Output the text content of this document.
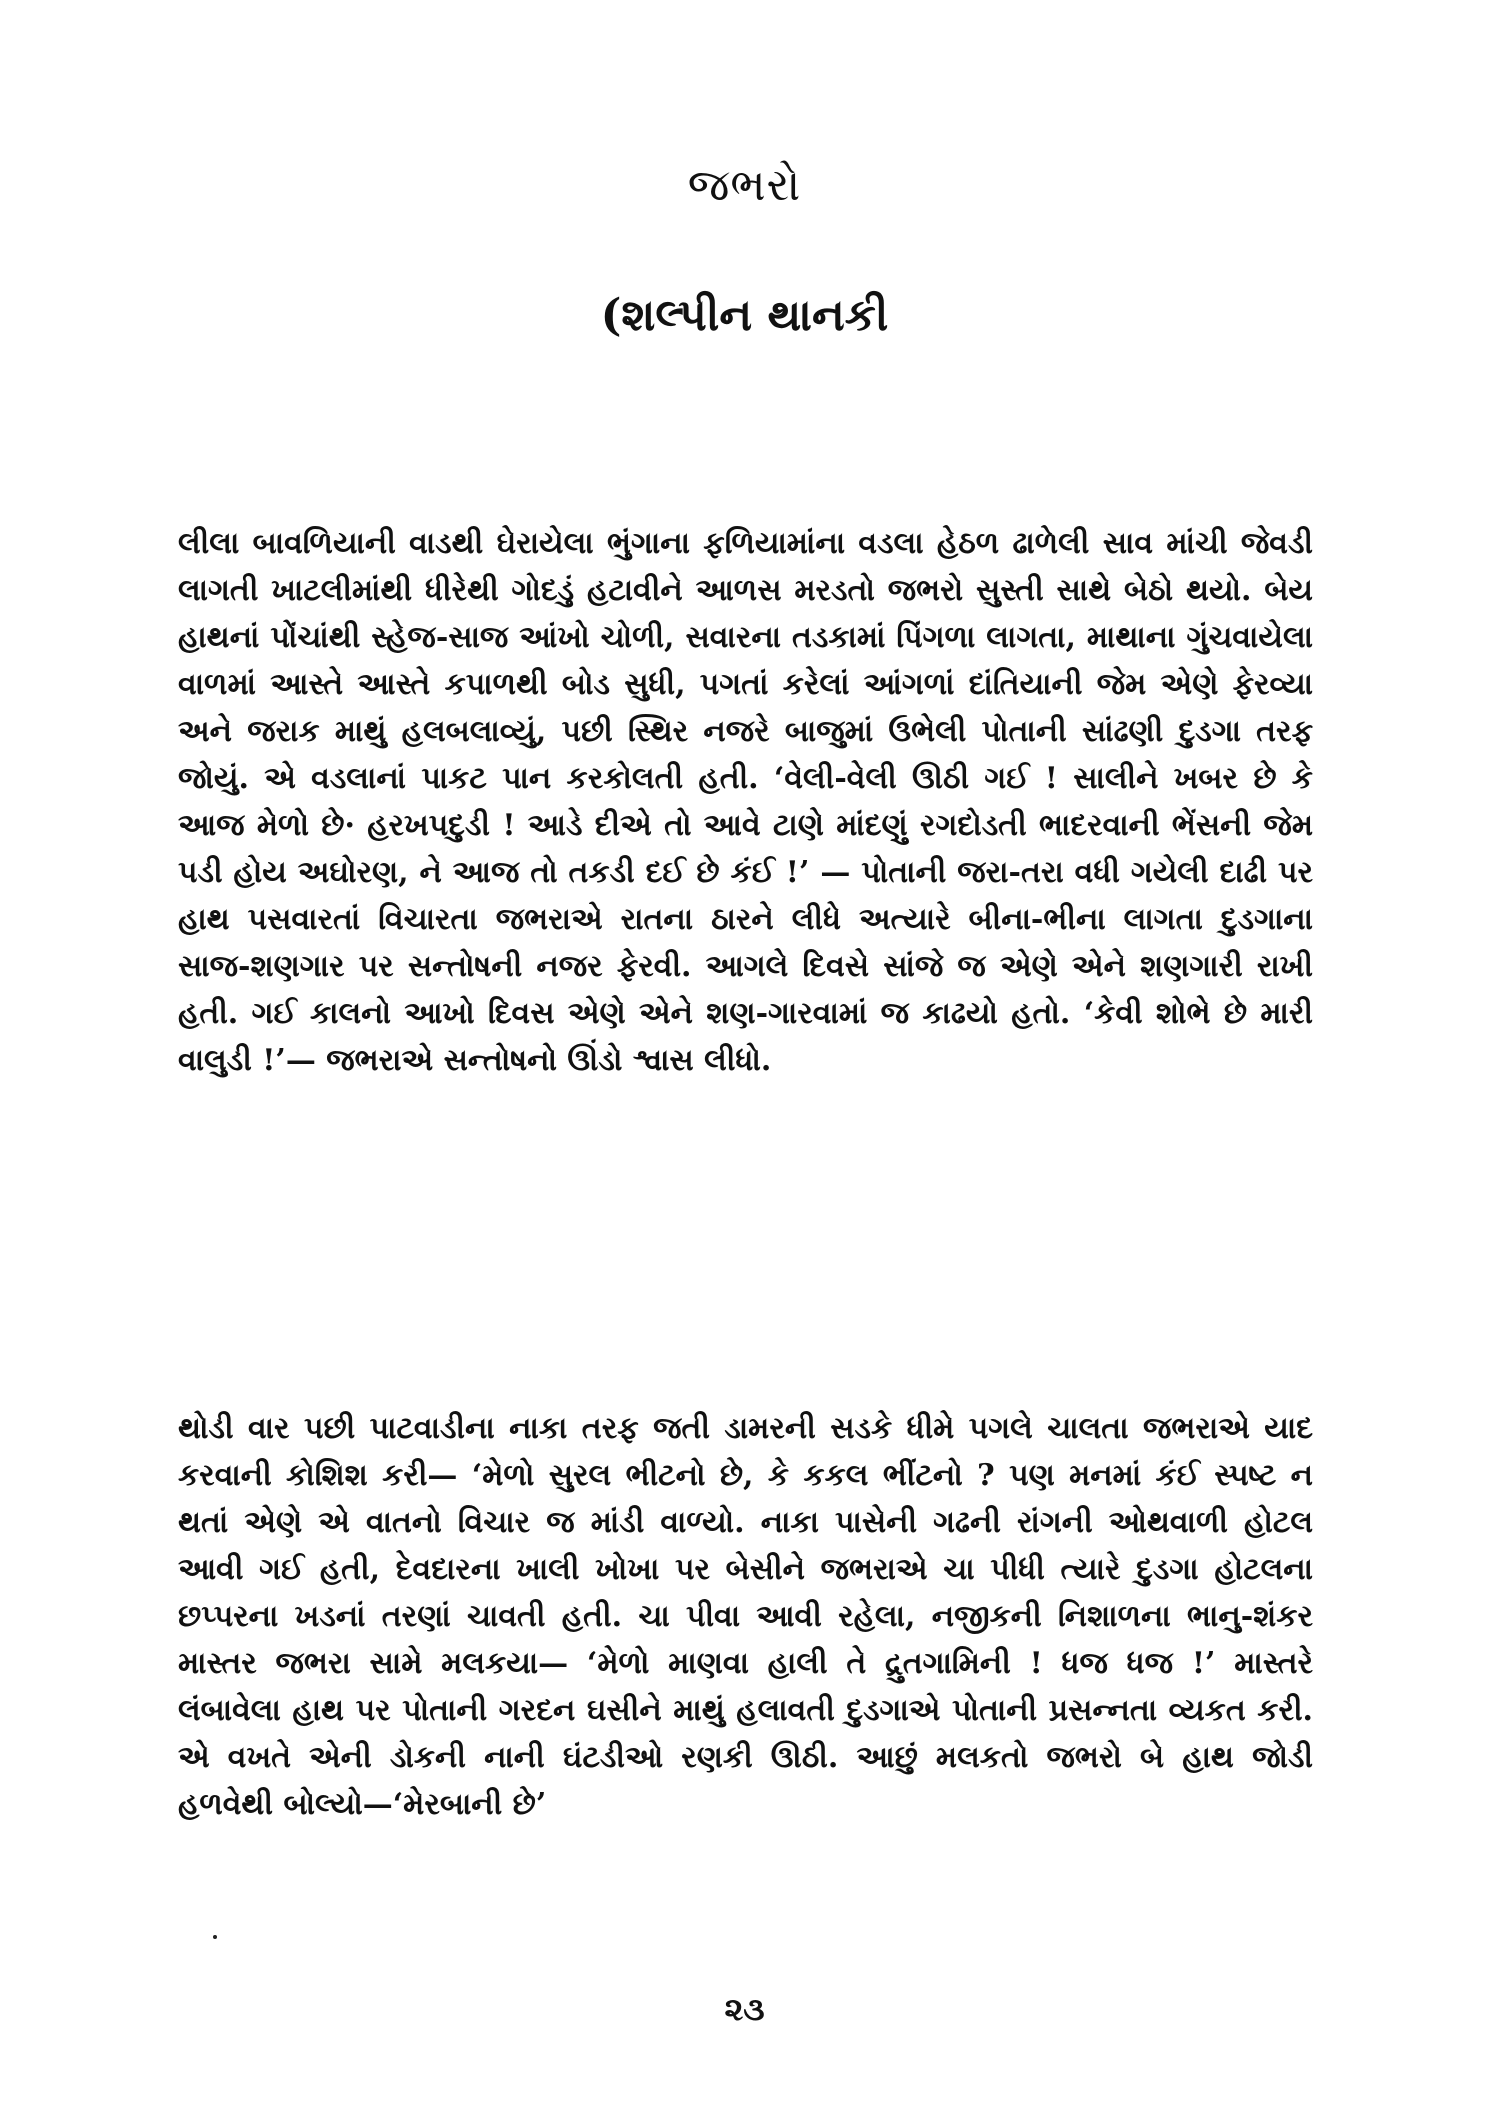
જભરો
(શલ્પીન થાનકી

લીલા બાવળિયાની વાડથી ઘેરાયેલા ભુંગાના ફળિયામાંના વડલા હેઠળ ઢાળેલી સાવ માંચી જેવડી લાગતી ખાટલીમાંથી ધીરેથી ગોદડું હટાવીને આળસ મરડતો જભરો સુસ્તી સાથે બેઠો થયો. બેય હાથનાં પોંચાંથી સ્હેજ-સાજ આંખો ચોળી, સવારના તડકામાં પિંગળા લાગતા, માથાના ગુંચવાયેલા વાળમાં આસ્તે આસ્તે કપાળથી બોડ સુધી, પગતાં કરેલાં આંગળાં દાંતિયાની જેમ એણે ફેરવ્યા અને જરાક માથું હલબલાવ્યું, પછી સ્થિર નજરે બાજુમાં ઉભેલી પોતાની સાંઢણી દુડગા તરફ જોયું. એ વડલાનાં પાકટ પાન કરકોલતી હતી. ‘વેલી-વેલી ઊઠી ગઈ ! સાલીને ખબર છે કે આજ મેળો છે· હરખપદુડી ! આડે દીએ તો આવે ટાણે માંદણું રગદોડતી ભાદરવાની ભેંસની જેમ પડી હોય અઘોરણ, ને આજ તો તકડી દઈ છે કંઈ !’ — પોતાની જરા-તરા વધી ગયેલી દાઢી પર હાથ પસવારતાં વિચારતા જભરાએ રાતના ઠારને લીધે અત્યારે બીના-ભીના લાગતા દુડગાના સાજ-શણગાર પર સન્તોષની નજર ફેરવી. આગલે દિવસે સાંજે જ એણે એને શણગારી રાખી હતી. ગઈ કાલનો આખો દિવસ એણે એને શણ-ગારવામાં જ કાઢયો હતો. ‘કેવી શોભે છે મારી વાલુડી !’— જભરાએ સન્તોષનો ઊંડો શ્વાસ લીધો.

થોડી વાર પછી પાટવાડીના નાકા તરફ જતી ડામરની સડકે ધીમે પગલે ચાલતા જભરાએ યાદ કરવાની કોશિશ કરી— ‘મેળો સુરલ ભીટનો છે, કે કકલ ભીંટનો ? પણ મનમાં કંઈ સ્પષ્ટ ન થતાં એણે એ વાતનો વિચાર જ માંડી વાળ્યો. નાકા પાસેની ગઢની રાંગની ઓથવાળી હોટલ આવી ગઈ હતી, દેવદારના ખાલી ખોખા પર બેસીને જભરાએ ચા પીધી ત્યારે દુડગા હોટલના છપ્પરના ખડનાં તરણાં ચાવતી હતી. ચા પીવા આવી રહેલા, નજીકની નિશાળના ભાનુ-શંકર માસ્તર જભરા સામે મલકયા— ‘મેળો માણવા હાલી તે દ્રુતગામિની ! ધજ ધજ !’ માસ્તરે લંબાવેલા હાથ પર પોતાની ગરદન ઘસીને માથું હલાવતી દુડગાએ પોતાની પ્રસન્નતા વ્યકત કરી. એ વખતે એની ડોકની નાની ઘંટડીઓ રણકી ઊઠી. આછું મલકતો જભરો બે હાથ જોડી હળવેથી બોલ્યો—‘મેરબાની છે’

૨૩
